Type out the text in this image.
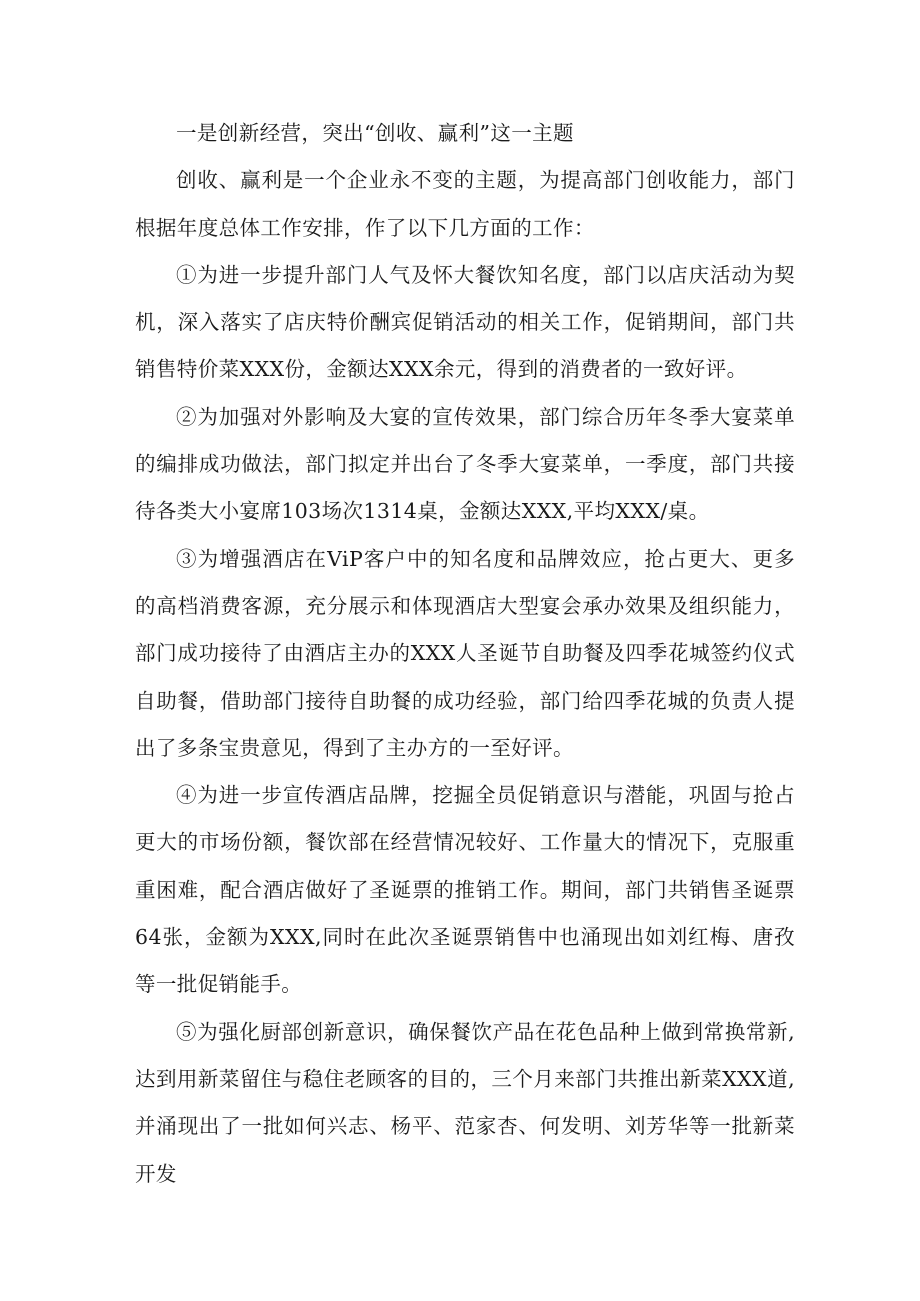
一是创新经营，突出“创收、赢利”这一主题

创收、赢利是一个企业永不变的主题，为提高部门创收能力，部门根据年度总体工作安排，作了以下几方面的工作：

①为进一步提升部门人气及怀大餐饮知名度，部门以店庆活动为契机，深入落实了店庆特价酬宾促销活动的相关工作，促销期间，部门共销售特价菜XXX份，金额达XXX余元，得到的消费者的一致好评。

②为加强对外影响及大宴的宣传效果，部门综合历年冬季大宴菜单的编排成功做法，部门拟定并出台了冬季大宴菜单，一季度，部门共接待各类大小宴席103场次1314桌，金额达XXX,平均XXX/桌。

③为增强酒店在ViP客户中的知名度和品牌效应，抢占更大、更多的高档消费客源，充分展示和体现酒店大型宴会承办效果及组织能力，部门成功接待了由酒店主办的XXX人圣诞节自助餐及四季花城签约仪式自助餐，借助部门接待自助餐的成功经验，部门给四季花城的负责人提出了多条宝贵意见，得到了主办方的一至好评。

④为进一步宣传酒店品牌，挖掘全员促销意识与潜能，巩固与抢占更大的市场份额，餐饮部在经营情况较好、工作量大的情况下，克服重重困难，配合酒店做好了圣诞票的推销工作。期间，部门共销售圣诞票64张，金额为XXX,同时在此次圣诞票销售中也涌现出如刘红梅、唐孜等一批促销能手。

⑤为强化厨部创新意识，确保餐饮产品在花色品种上做到常换常新,达到用新菜留住与稳住老顾客的目的，三个月来部门共推出新菜XXX道,并涌现出了一批如何兴志、杨平、范家杏、何发明、刘芳华等一批新菜开发
